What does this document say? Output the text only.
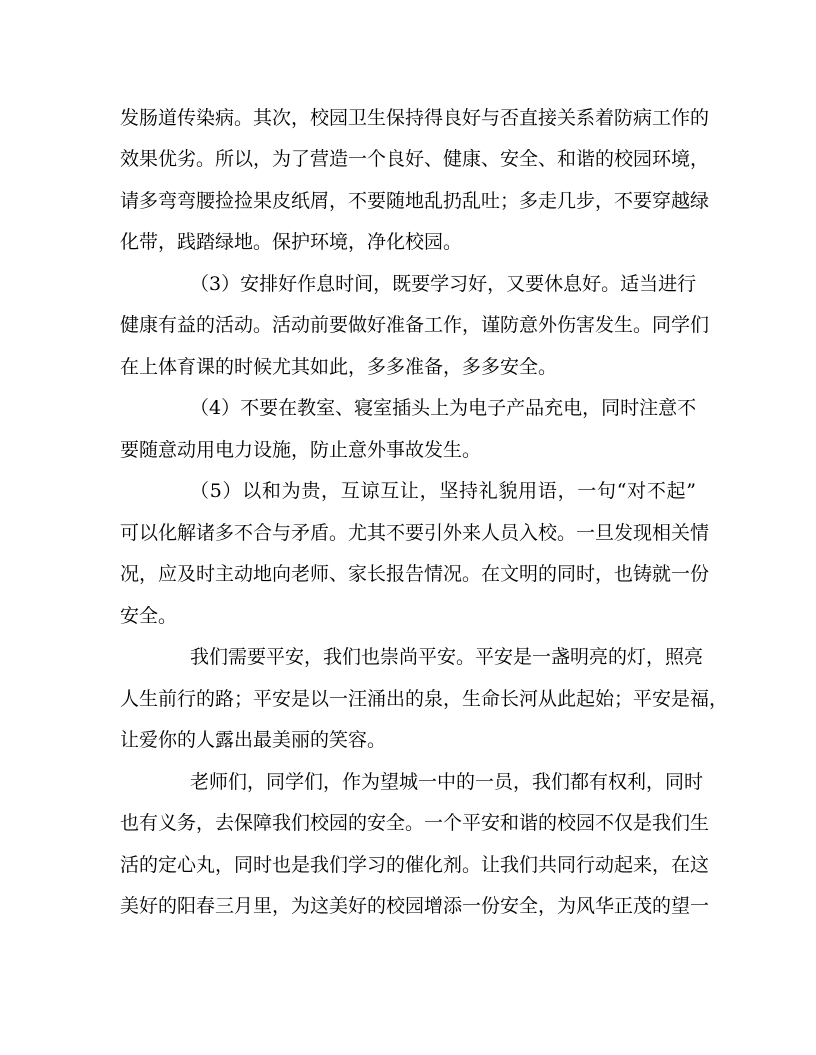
发肠道传染病。其次，校园卫生保持得良好与否直接关系着防病工作的
效果优劣。所以，为了营造一个良好、健康、安全、和谐的校园环境，
请多弯弯腰捡捡果皮纸屑，不要随地乱扔乱吐；多走几步，不要穿越绿
化带，践踏绿地。保护环境，净化校园。
（3）安排好作息时间，既要学习好，又要休息好。适当进行
健康有益的活动。活动前要做好准备工作，谨防意外伤害发生。同学们
在上体育课的时候尤其如此，多多准备，多多安全。
（4）不要在教室、寝室插头上为电子产品充电，同时注意不
要随意动用电力设施，防止意外事故发生。
（5）以和为贵，互谅互让，坚持礼貌用语，一句“对不起”
可以化解诸多不合与矛盾。尤其不要引外来人员入校。一旦发现相关情
况，应及时主动地向老师、家长报告情况。在文明的同时，也铸就一份
安全。
我们需要平安，我们也崇尚平安。平安是一盏明亮的灯，照亮
人生前行的路；平安是以一汪涌出的泉，生命长河从此起始；平安是福，
让爱你的人露出最美丽的笑容。
老师们，同学们，作为望城一中的一员，我们都有权利，同时
也有义务，去保障我们校园的安全。一个平安和谐的校园不仅是我们生
活的定心丸，同时也是我们学习的催化剂。让我们共同行动起来，在这
美好的阳春三月里，为这美好的校园增添一份安全，为风华正茂的望一
